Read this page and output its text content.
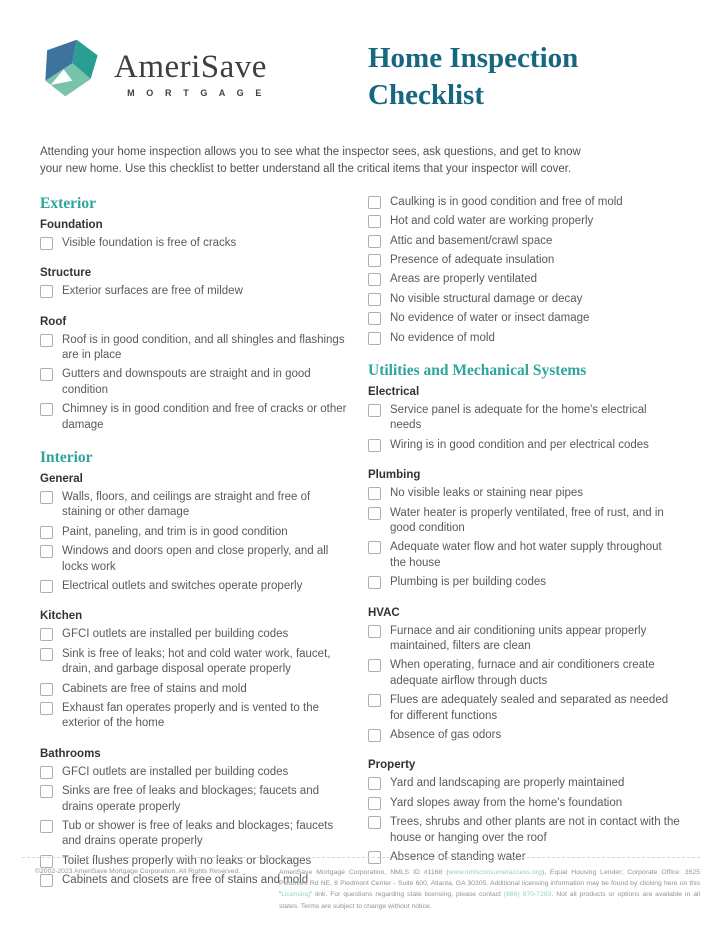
AmeriSave
M O R T G A G E
Home Inspection Checklist
Attending your home inspection allows you to see what the inspector sees, ask questions, and get to know your new home. Use this checklist to better understand all the critical items that your inspector will cover.
Exterior
Foundation
Visible foundation is free of cracks
Structure
Exterior surfaces are free of mildew
Roof
Roof is in good condition, and all shingles and flashings are in place
Gutters and downspouts are straight and in good condition
Chimney is in good condition and free of cracks or other damage
Interior
General
Walls, floors, and ceilings are straight and free of staining or other damage
Paint, paneling, and trim is in good condition
Windows and doors open and close properly, and all locks work
Electrical outlets and switches operate properly
Kitchen
GFCI outlets are installed per building codes
Sink is free of leaks; hot and cold water work, faucet, drain, and garbage disposal operate properly
Cabinets are free of stains and mold
Exhaust fan operates properly and is vented to the exterior of the home
Bathrooms
GFCI outlets are installed per building codes
Sinks are free of leaks and blockages; faucets and drains operate properly
Tub or shower is free of leaks and blockages; faucets and drains operate properly
Toilet flushes properly with no leaks or blockages
Cabinets and closets are free of stains and mold
Caulking is in good condition and free of mold
Hot and cold water are working properly
Attic and basement/crawl space
Presence of adequate insulation
Areas are properly ventilated
No visible structural damage or decay
No evidence of water or insect damage
No evidence of mold
Utilities and Mechanical Systems
Electrical
Service panel is adequate for the home's electrical needs
Wiring is in good condition and per electrical codes
Plumbing
No visible leaks or staining near pipes
Water heater is properly ventilated, free of rust, and in good condition
Adequate water flow and hot water supply throughout the house
Plumbing is per building codes
HVAC
Furnace and air conditioning units appear properly maintained, filters are clean
When operating, furnace and air conditioners create adequate airflow through ducts
Flues are adequately sealed and separated as needed for different functions
Absence of gas odors
Property
Yard and landscaping are properly maintained
Yard slopes away from the home's foundation
Trees, shrubs and other plants are not in contact with the house or hanging over the roof
Absence of standing water
©2002-2023 AmeriSave Mortgage Corporation. All Rights Reserved.	AmeriSave Mortgage Corporation, NMLS ID #1168 (www.nmlsconsumeraccess.org), Equal Housing Lender; Corporate Office: 3525 Piedmont Rd NE, 8 Piedmont Center - Suite 600, Atlanta, GA 30305. Additional licensing information may be found by clicking here on this “Licensing” link. For questions regarding state licensing, please contact (866) 970-7283. Not all products or options are available in all states. Terms are subject to change without notice.
